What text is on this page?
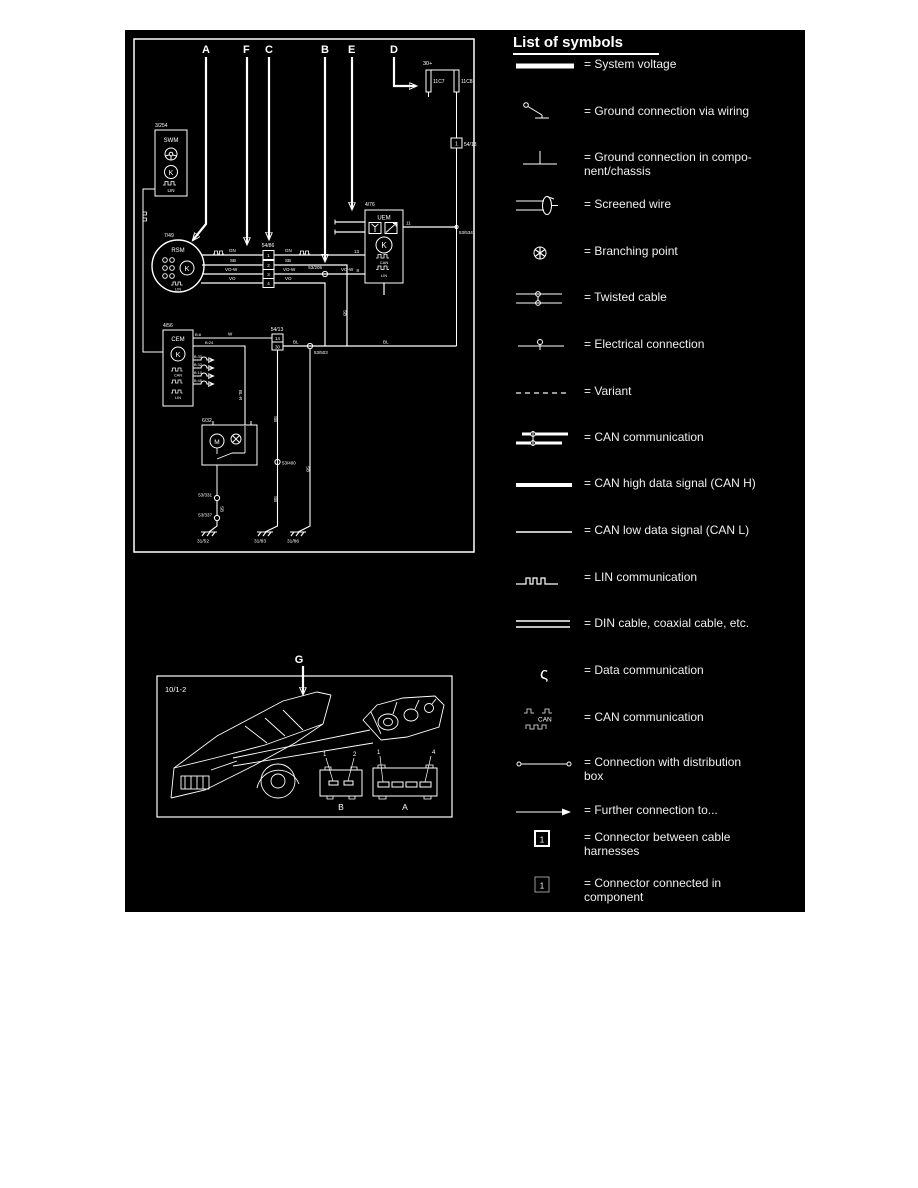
A	F C	B E	D
30+
11C7	11C8
1 54/13
53/534
3/254
SWM
K
LIN
7/49
RSM
K
LIN
GN
SB
VO-W
VO
GN
SB
VO-W
VO
VO-W
54/86
1
2
3
4
53/205
4/76
UEM
K
CAN
LIN
11
13
8
4/56
CEM
K
CAN
LIN
B:8	W
B:24
B:30
B:32
B:10
B:45
BL-R
54/13
14
30
BL	BL
53/503
53/400
SB
SB
SB
SB
6/32
M
53/331
53/337
SB
31/52	31/83	31/86
G
10/1-2
1	2
B
1	4
A
List of symbols
= System voltage
= Ground connection via wiring
= Ground connection in compo-
nent/chassis
= Screened wire
= Branching point
= Twisted cable
= Electrical connection
= Variant
= CAN communication
= CAN high data signal (CAN H)
= CAN low data signal (CAN L)
= LIN communication
= DIN cable, coaxial cable, etc.
ς	= Data communication
CAN	= CAN communication
= Connection with distribution
box
= Further connection to...
1	= Connector between cable
harnesses
1	= Connector connected in
component
